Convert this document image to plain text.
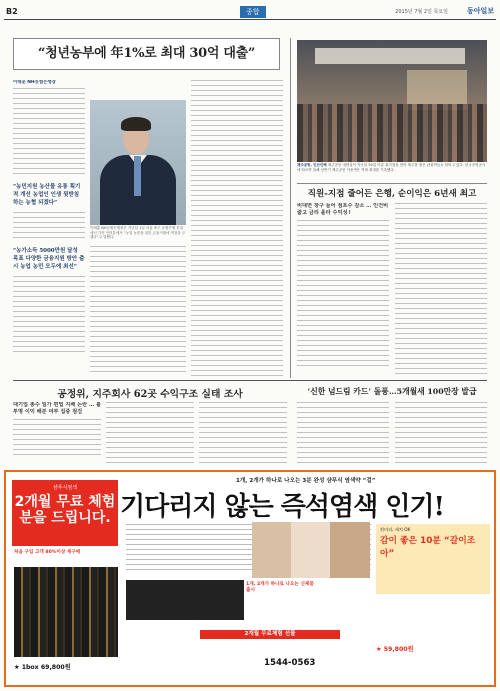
B2	종합	2015년 7월 2일 목요일	동아일보
“청년농부에 年1%로 최대 30억 대출”
이태훈 NH농협은행장
“농민지원 농산물 유통 획기적 개선 농업인 인생 뒷받침 하는 농협 되겠다”
“농가소득 5000만원 달성 목표 다양한 금융지원 방안 출시 농업 농민 모두에 최선”
이태훈 NH농협은행장은 지난달 1일 서울 중구 농협은행 본점에서 가진 인터뷰에서 “농업 농촌을 위한 금융지원에 역점을 두겠다”고 말했다.
제주공항, 인산인해 제주공항 대합실이 지난달 30일 여름 휴가철을 맞아 제주를 찾은 관광객들로 붐비고 있다. 한국공항공사에 따르면 올해 상반기 제주공항 이용객은 역대 최대를 기록했다.
직원-지점 줄어든 은행, 순이익은 6년새 최고
비대면 창구 늘어 점포수 감소 … 인건비 줄고 금리 올라 수익성↑
공정위, 지주회사 62곳 수익구조 실태 조사
대기업 총수 일가 편법 지배 논란 … 불투명 이익 배분 여부 집중 점검
‘신한 넘드림 카드’ 돌풍…5개월새 100만장 발급
1개, 2개가 하나로 나오는 3분 완성 샴푸식 염색약 “걸”
샴푸식염색
2개월 무료 체험분을 드립니다. 기다리지 않는 즉석염색 인기!
처음 구입 고객 80%이상 재구매
★ 1box 69,800원
1개, 2개가 하나로 나오는 신제품 출시
2개월 무료체험 선물
1544-0563
흰머리, 새치 OK
감이 좋은 10분 “갈이조아”
★ 59,800원
